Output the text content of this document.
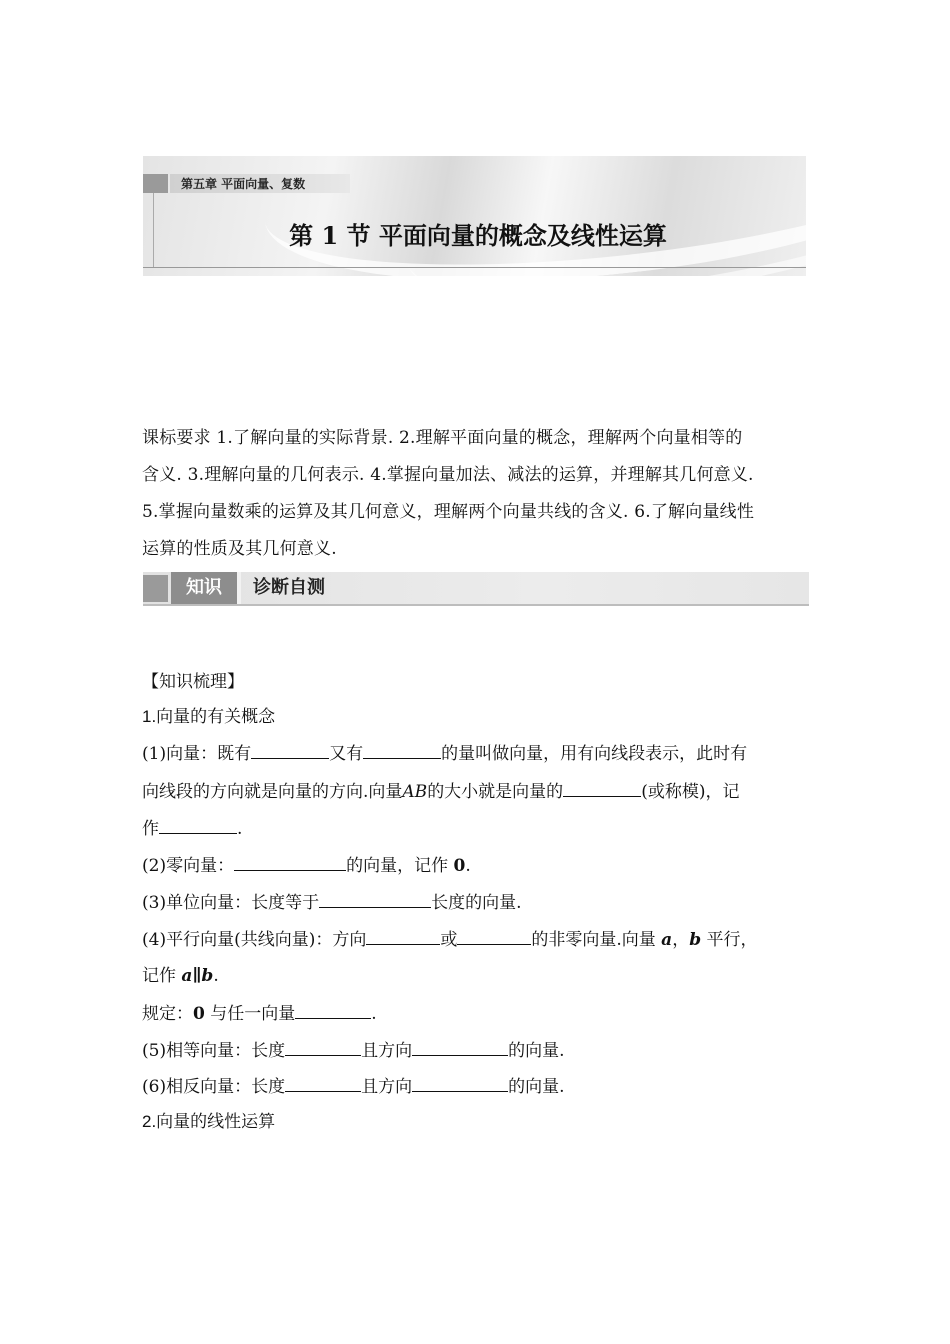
第五章 平面向量、复数
第 1 节 平面向量的概念及线性运算
课标要求 1.了解向量的实际背景. 2.理解平面向量的概念，理解两个向量相等的
含义. 3.理解向量的几何表示. 4.掌握向量加法、减法的运算，并理解其几何意义.
5.掌握向量数乘的运算及其几何意义，理解两个向量共线的含义. 6.了解向量线性
运算的性质及其几何意义.
知识	诊断自测
【知识梳理】
1.向量的有关概念
(1)向量：既有	又有	的量叫做向量，用有向线段表示，此时有
向线段的方向就是向量的方向.向量AB的大小就是向量的	(或称模)，记
作	.
(2)零向量：	的向量，记作 0.
(3)单位向量：长度等于	长度的向量.
(4)平行向量(共线向量)：方向	或	的非零向量.向量 a，b 平行，
记作 a∥b.
规定：0 与任一向量	.
(5)相等向量：长度	且方向	的向量.
(6)相反向量：长度	且方向	的向量.
2.向量的线性运算
